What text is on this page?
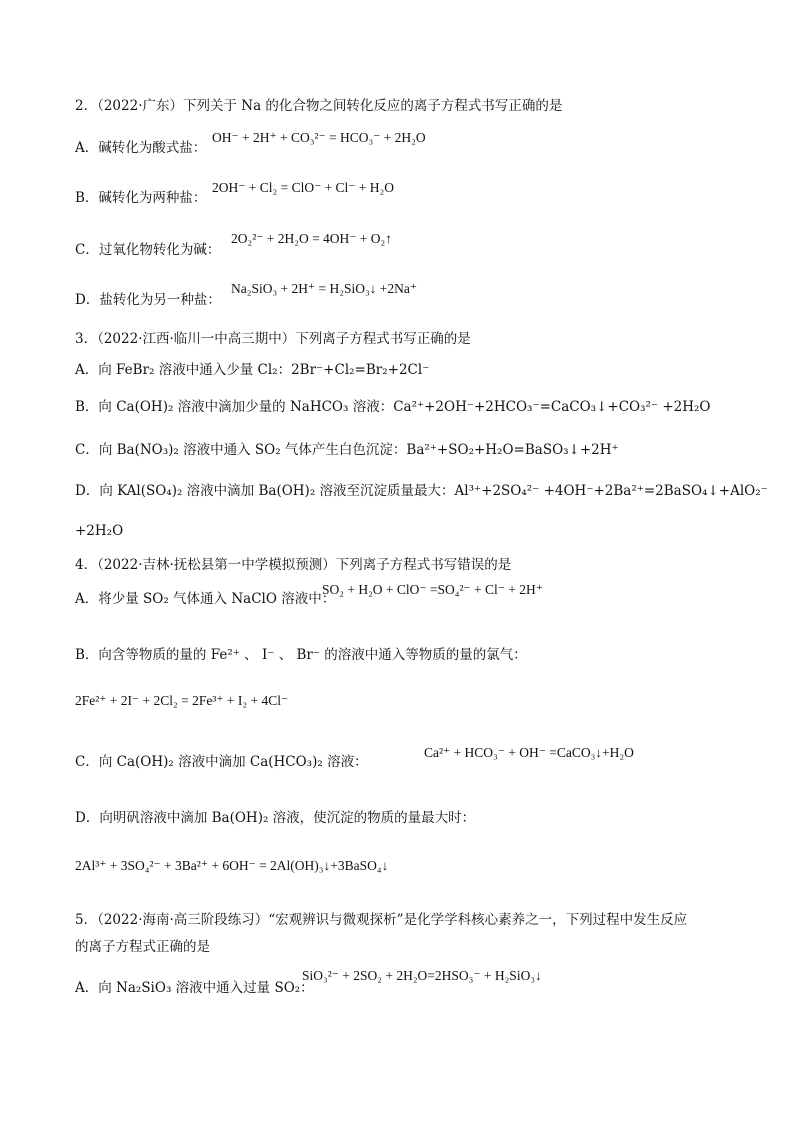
2．（2022·广东）下列关于 Na 的化合物之间转化反应的离子方程式书写正确的是
A．碱转化为酸式盐：
OH⁻ + 2H⁺ + CO₃²⁻ = HCO₃⁻ + 2H₂O
B．碱转化为两种盐：
2OH⁻ + Cl₂ = ClO⁻ + Cl⁻ + H₂O
C．过氧化物转化为碱：
2O₂²⁻ + 2H₂O = 4OH⁻ + O₂↑
D．盐转化为另一种盐：
Na₂SiO₃ + 2H⁺ = H₂SiO₃↓ +2Na⁺
3．（2022·江西·临川一中高三期中）下列离子方程式书写正确的是
A．向 FeBr₂ 溶液中通入少量 Cl₂：2Br⁻+Cl₂=Br₂+2Cl⁻
B．向 Ca(OH)₂ 溶液中滴加少量的 NaHCO₃ 溶液：Ca²⁺+2OH⁻+2HCO₃⁻=CaCO₃↓+CO₃²⁻ +2H₂O
C．向 Ba(NO₃)₂ 溶液中通入 SO₂ 气体产生白色沉淀：Ba²⁺+SO₂+H₂O=BaSO₃↓+2H⁺
D．向 KAl(SO₄)₂ 溶液中滴加 Ba(OH)₂ 溶液至沉淀质量最大：Al³⁺+2SO₄²⁻ +4OH⁻+2Ba²⁺=2BaSO₄↓+AlO₂⁻
+2H₂O
4．（2022·吉林·抚松县第一中学模拟预测）下列离子方程式书写错误的是
A．将少量 SO₂ 气体通入 NaClO 溶液中：
SO₂ + H₂O + ClO⁻ =SO₄²⁻ + Cl⁻ + 2H⁺
B．向含等物质的量的 Fe²⁺ 、 I⁻ 、 Br⁻ 的溶液中通入等物质的量的氯气：
2Fe²⁺ + 2I⁻ + 2Cl₂ = 2Fe³⁺ + I₂ + 4Cl⁻
C．向 Ca(OH)₂ 溶液中滴加 Ca(HCO₃)₂ 溶液：
Ca²⁺ + HCO₃⁻ + OH⁻ =CaCO₃↓+H₂O
D．向明矾溶液中滴加 Ba(OH)₂ 溶液，使沉淀的物质的量最大时：
2Al³⁺ + 3SO₄²⁻ + 3Ba²⁺ + 6OH⁻ = 2Al(OH)₃↓+3BaSO₄↓
5．（2022·海南·高三阶段练习）“宏观辨识与微观探析”是化学学科核心素养之一，下列过程中发生反应
的离子方程式正确的是
A．向 Na₂SiO₃ 溶液中通入过量 SO₂：
SiO₃²⁻ + 2SO₂ + 2H₂O=2HSO₃⁻ + H₂SiO₃↓
